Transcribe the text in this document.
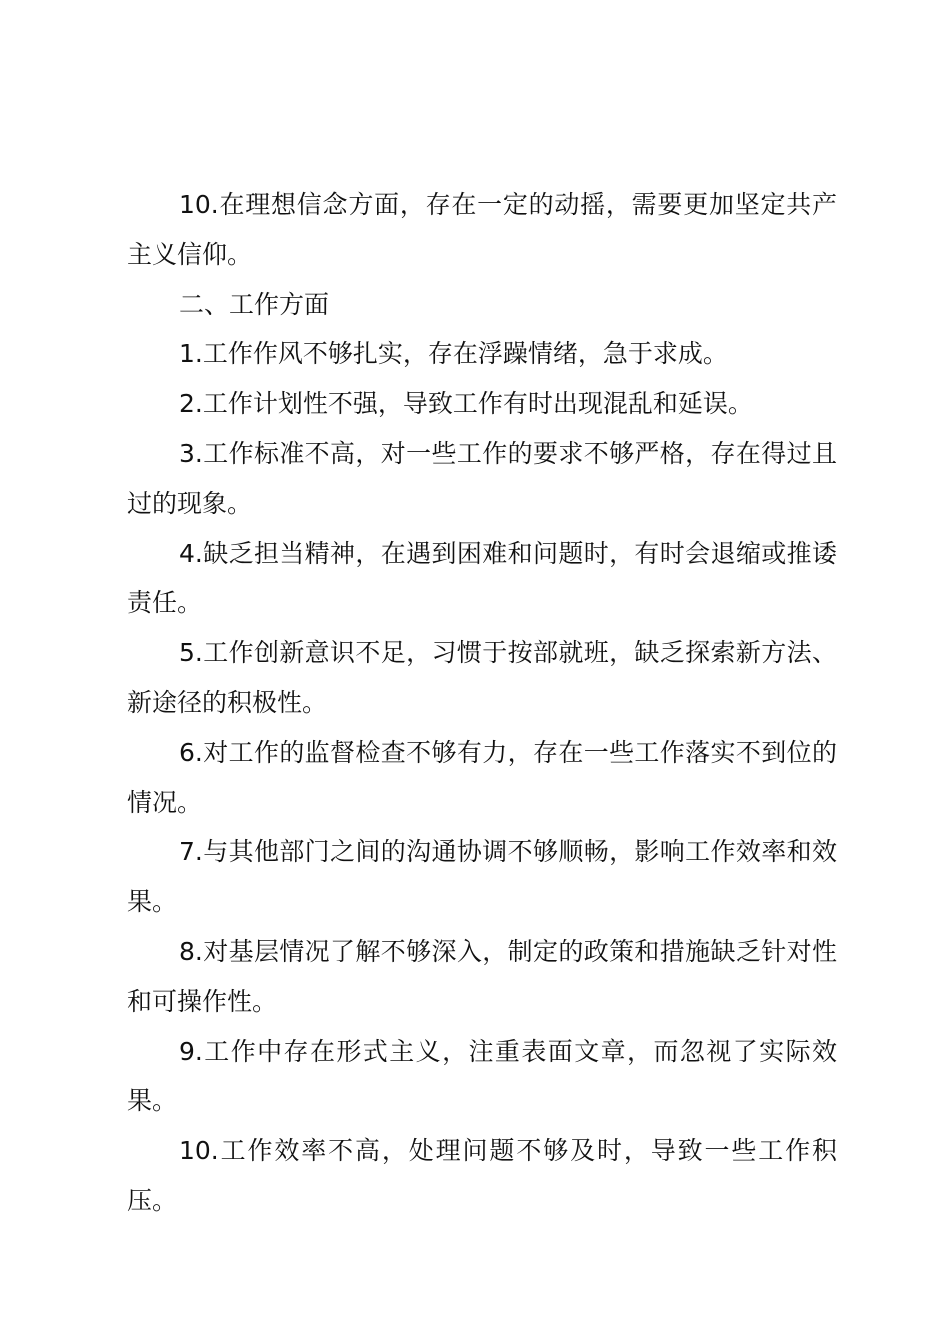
10.在理想信念方面，存在一定的动摇，需要更加坚定共产主义信仰。

二、工作方面

1.工作作风不够扎实，存在浮躁情绪，急于求成。

2.工作计划性不强，导致工作有时出现混乱和延误。

3.工作标准不高，对一些工作的要求不够严格，存在得过且过的现象。

4.缺乏担当精神，在遇到困难和问题时，有时会退缩或推诿责任。

5.工作创新意识不足，习惯于按部就班，缺乏探索新方法、新途径的积极性。

6.对工作的监督检查不够有力，存在一些工作落实不到位的情况。

7.与其他部门之间的沟通协调不够顺畅，影响工作效率和效果。

8.对基层情况了解不够深入，制定的政策和措施缺乏针对性和可操作性。

9.工作中存在形式主义，注重表面文章，而忽视了实际效果。

10.工作效率不高，处理问题不够及时，导致一些工作积压。
